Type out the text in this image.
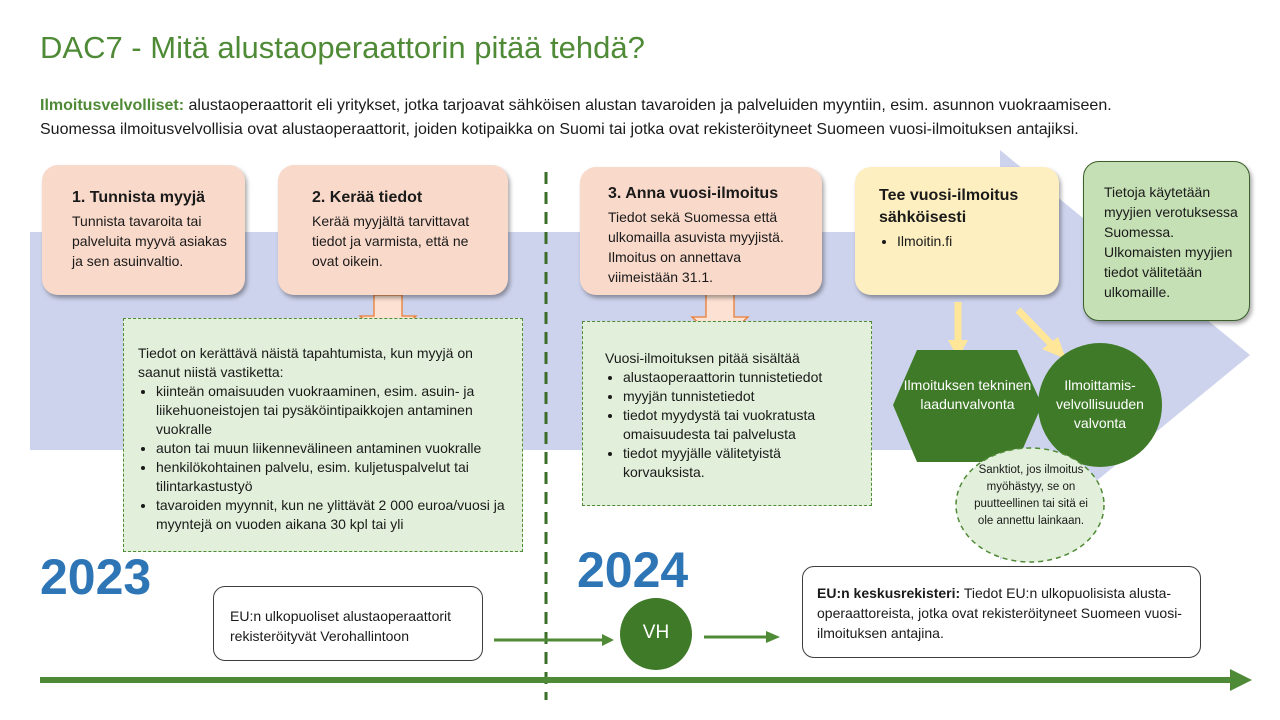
DAC7 - Mitä alustaoperaattorin pitää tehdä?
Ilmoitusvelvolliset: alustaoperaattorit eli yritykset, jotka tarjoavat sähköisen alustan tavaroiden ja palveluiden myyntiin, esim. asunnon vuokraamiseen.
Suomessa ilmoitusvelvollisia ovat alustaoperaattorit, joiden kotipaikka on Suomi tai jotka ovat rekisteröityneet Suomeen vuosi-ilmoituksen antajiksi.
1. Tunnista myyjä
Tunnista tavaroita tai palveluita myyvä asiakas ja sen asuinvaltio.
2. Kerää tiedot
Kerää myyjältä tarvittavat tiedot ja varmista, että ne ovat oikein.
3. Anna vuosi-ilmoitus
Tiedot sekä Suomessa että ulkomailla asuvista myyjistä. Ilmoitus on annettava viimeistään 31.1.
Tee vuosi-ilmoitus sähköisesti
• Ilmoitin.fi
Tietoja käytetään myyjien verotuksessa Suomessa. Ulkomaisten myyjien tiedot välitetään ulkomaille.
Tiedot on kerättävä näistä tapahtumista, kun myyjä on saanut niistä vastiketta:
• kiinteän omaisuuden vuokraaminen, esim. asuin- ja liikehuoneistojen tai pysäköintipaikkojen antaminen vuokralle
• auton tai muun liikennevälineen antaminen vuokralle
• henkilökohtainen palvelu, esim. kuljetuspalvelut tai tilintarkastustyö
• tavaroiden myynnit, kun ne ylittävät 2 000 euroa/vuosi ja myyntejä on vuoden aikana 30 kpl tai yli
Vuosi-ilmoituksen pitää sisältää
• alustaoperaattorin tunnistetiedot
• myyjän tunnistetiedot
• tiedot myydystä tai vuokratusta omaisuudesta tai palvelusta
• tiedot myyjälle välitetyistä korvauksista.
Ilmoituksen tekninen laadunvalvonta
Ilmoittamis-velvollisuuden valvonta
Sanktiot, jos ilmoitus myöhästyy, se on puutteellinen tai sitä ei ole annettu lainkaan.
2023	2024
EU:n ulkopuoliset alustaoperaattorit rekisteröityvät Verohallintoon	VH
EU:n keskusrekisteri: Tiedot EU:n ulkopuolisista alusta-operaattoreista, jotka ovat rekisteröityneet Suomeen vuosi-ilmoituksen antajina.
